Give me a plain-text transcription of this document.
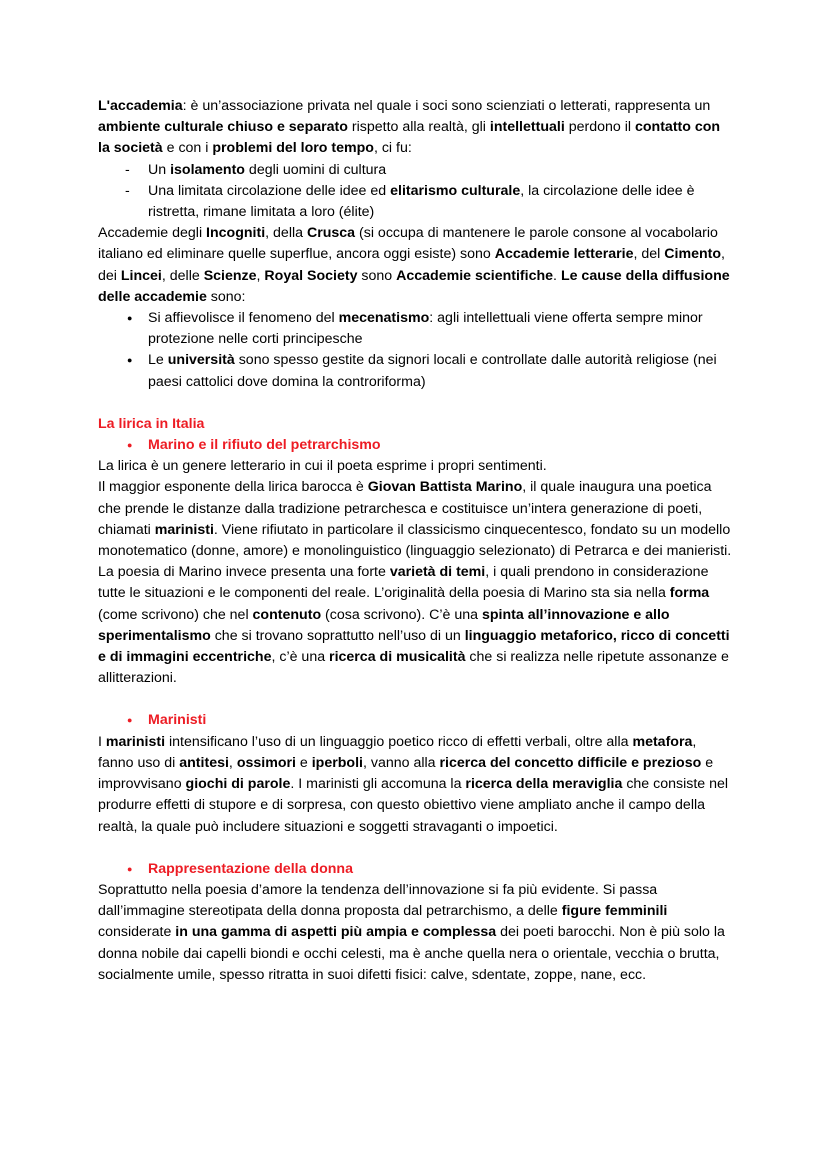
L'accademia: è un’associazione privata nel quale i soci sono scienziati o letterati, rappresenta un ambiente culturale chiuso e separato rispetto alla realtà, gli intellettuali perdono il contatto con la società e con i problemi del loro tempo, ci fu:

- Un isolamento degli uomini di cultura
- Una limitata circolazione delle idee ed elitarismo culturale, la circolazione delle idee è ristretta, rimane limitata a loro (élite)

Accademie degli Incogniti, della Crusca (si occupa di mantenere le parole consone al vocabolario italiano ed eliminare quelle superflue, ancora oggi esiste) sono Accademie letterarie, del Cimento, dei Lincei, delle Scienze, Royal Society sono Accademie scientifiche. Le cause della diffusione delle accademie sono:

● Si affievolisce il fenomeno del mecenatismo: agli intellettuali viene offerta sempre minor protezione nelle corti principesche
● Le università sono spesso gestite da signori locali e controllate dalle autorità religiose (nei paesi cattolici dove domina la controriforma)

La lirica in Italia

● Marino e il rifiuto del petrarchismo

La lirica è un genere letterario in cui il poeta esprime i propri sentimenti.
Il maggior esponente della lirica barocca è Giovan Battista Marino, il quale inaugura una poetica che prende le distanze dalla tradizione petrarchesca e costituisce un’intera generazione di poeti, chiamati marinisti. Viene rifiutato in particolare il classicismo cinquecentesco, fondato su un modello monotematico (donne, amore) e monolinguistico (linguaggio selezionato) di Petrarca e dei manieristi. La poesia di Marino invece presenta una forte varietà di temi, i quali prendono in considerazione tutte le situazioni e le componenti del reale. L’originalità della poesia di Marino sta sia nella forma (come scrivono) che nel contenuto (cosa scrivono). C’è una spinta all’innovazione e allo sperimentalismo che si trovano soprattutto nell’uso di un linguaggio metaforico, ricco di concetti e di immagini eccentriche, c’è una ricerca di musicalità che si realizza nelle ripetute assonanze e allitterazioni.

● Marinisti

I marinisti intensificano l’uso di un linguaggio poetico ricco di effetti verbali, oltre alla metafora, fanno uso di antitesi, ossimori e iperboli, vanno alla ricerca del concetto difficile e prezioso e improvvisano giochi di parole. I marinisti gli accomuna la ricerca della meraviglia che consiste nel produrre effetti di stupore e di sorpresa, con questo obiettivo viene ampliato anche il campo della realtà, la quale può includere situazioni e soggetti stravaganti o impoetici.

● Rappresentazione della donna

Soprattutto nella poesia d’amore la tendenza dell’innovazione si fa più evidente. Si passa dall’immagine stereotipata della donna proposta dal petrarchismo, a delle figure femminili considerate in una gamma di aspetti più ampia e complessa dei poeti barocchi. Non è più solo la donna nobile dai capelli biondi e occhi celesti, ma è anche quella nera o orientale, vecchia o brutta, socialmente umile, spesso ritratta in suoi difetti fisici: calve, sdentate, zoppe, nane, ecc.
